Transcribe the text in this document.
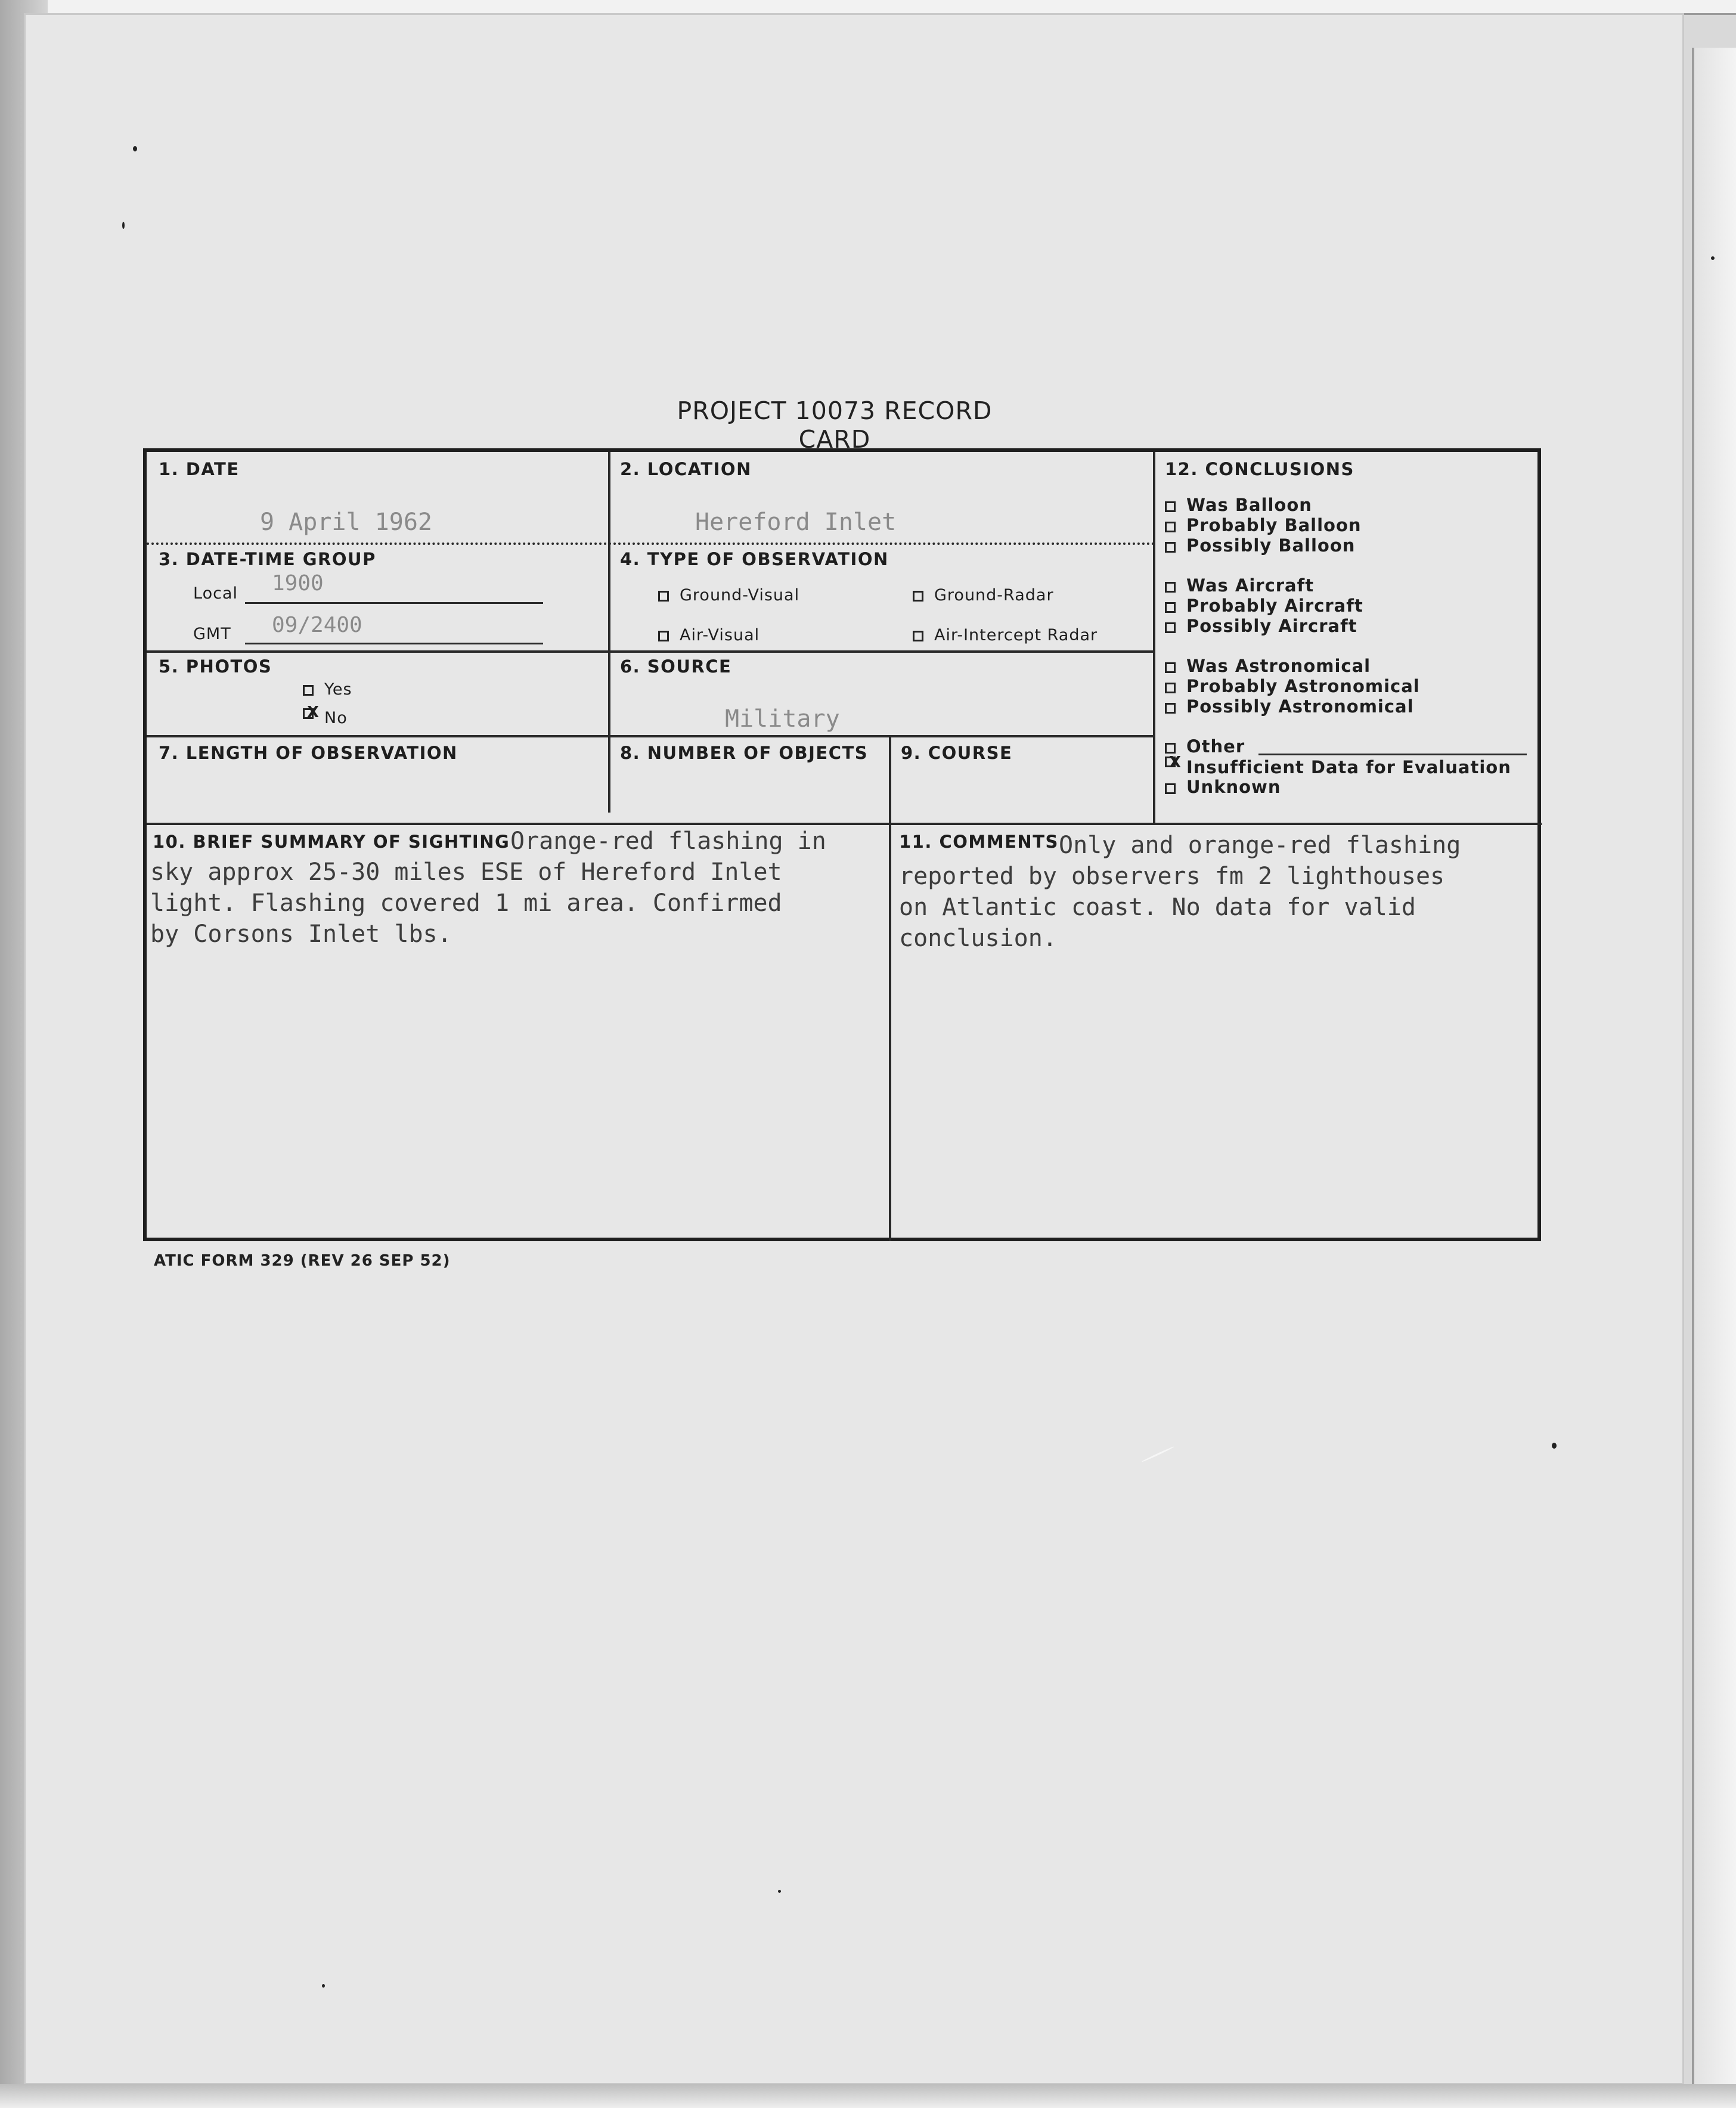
PROJECT 10073 RECORD CARD
1. DATE
9 April 1962
2. LOCATION
Hereford Inlet
3. DATE-TIME GROUP
Local 1900
GMT 09/2400
4. TYPE OF OBSERVATION
Ground-Visual	Ground-Radar
Air-Visual	Air-Intercept Radar
5. PHOTOS
Yes
XNo
6. SOURCE
Military
7. LENGTH OF OBSERVATION	8. NUMBER OF OBJECTS 9. COURSE
12. CONCLUSIONS
Was Balloon
Probably Balloon
Possibly Balloon
Was Aircraft
Probably Aircraft
Possibly Aircraft
Was Astronomical
Probably Astronomical
Possibly Astronomical
Other
XInsufficient Data for Evaluation
Unknown
10. BRIEF SUMMARY OF SIGHTING Orange-red flashing in
sky approx 25-30 miles ESE of Hereford Inlet
light. Flashing covered 1 mi area. Confirmed
by Corsons Inlet lbs.
11. COMMENTS Only and orange-red flashing
reported by observers fm 2 lighthouses
on Atlantic coast. No data for valid
conclusion.
ATIC FORM 329 (REV 26 SEP 52)
